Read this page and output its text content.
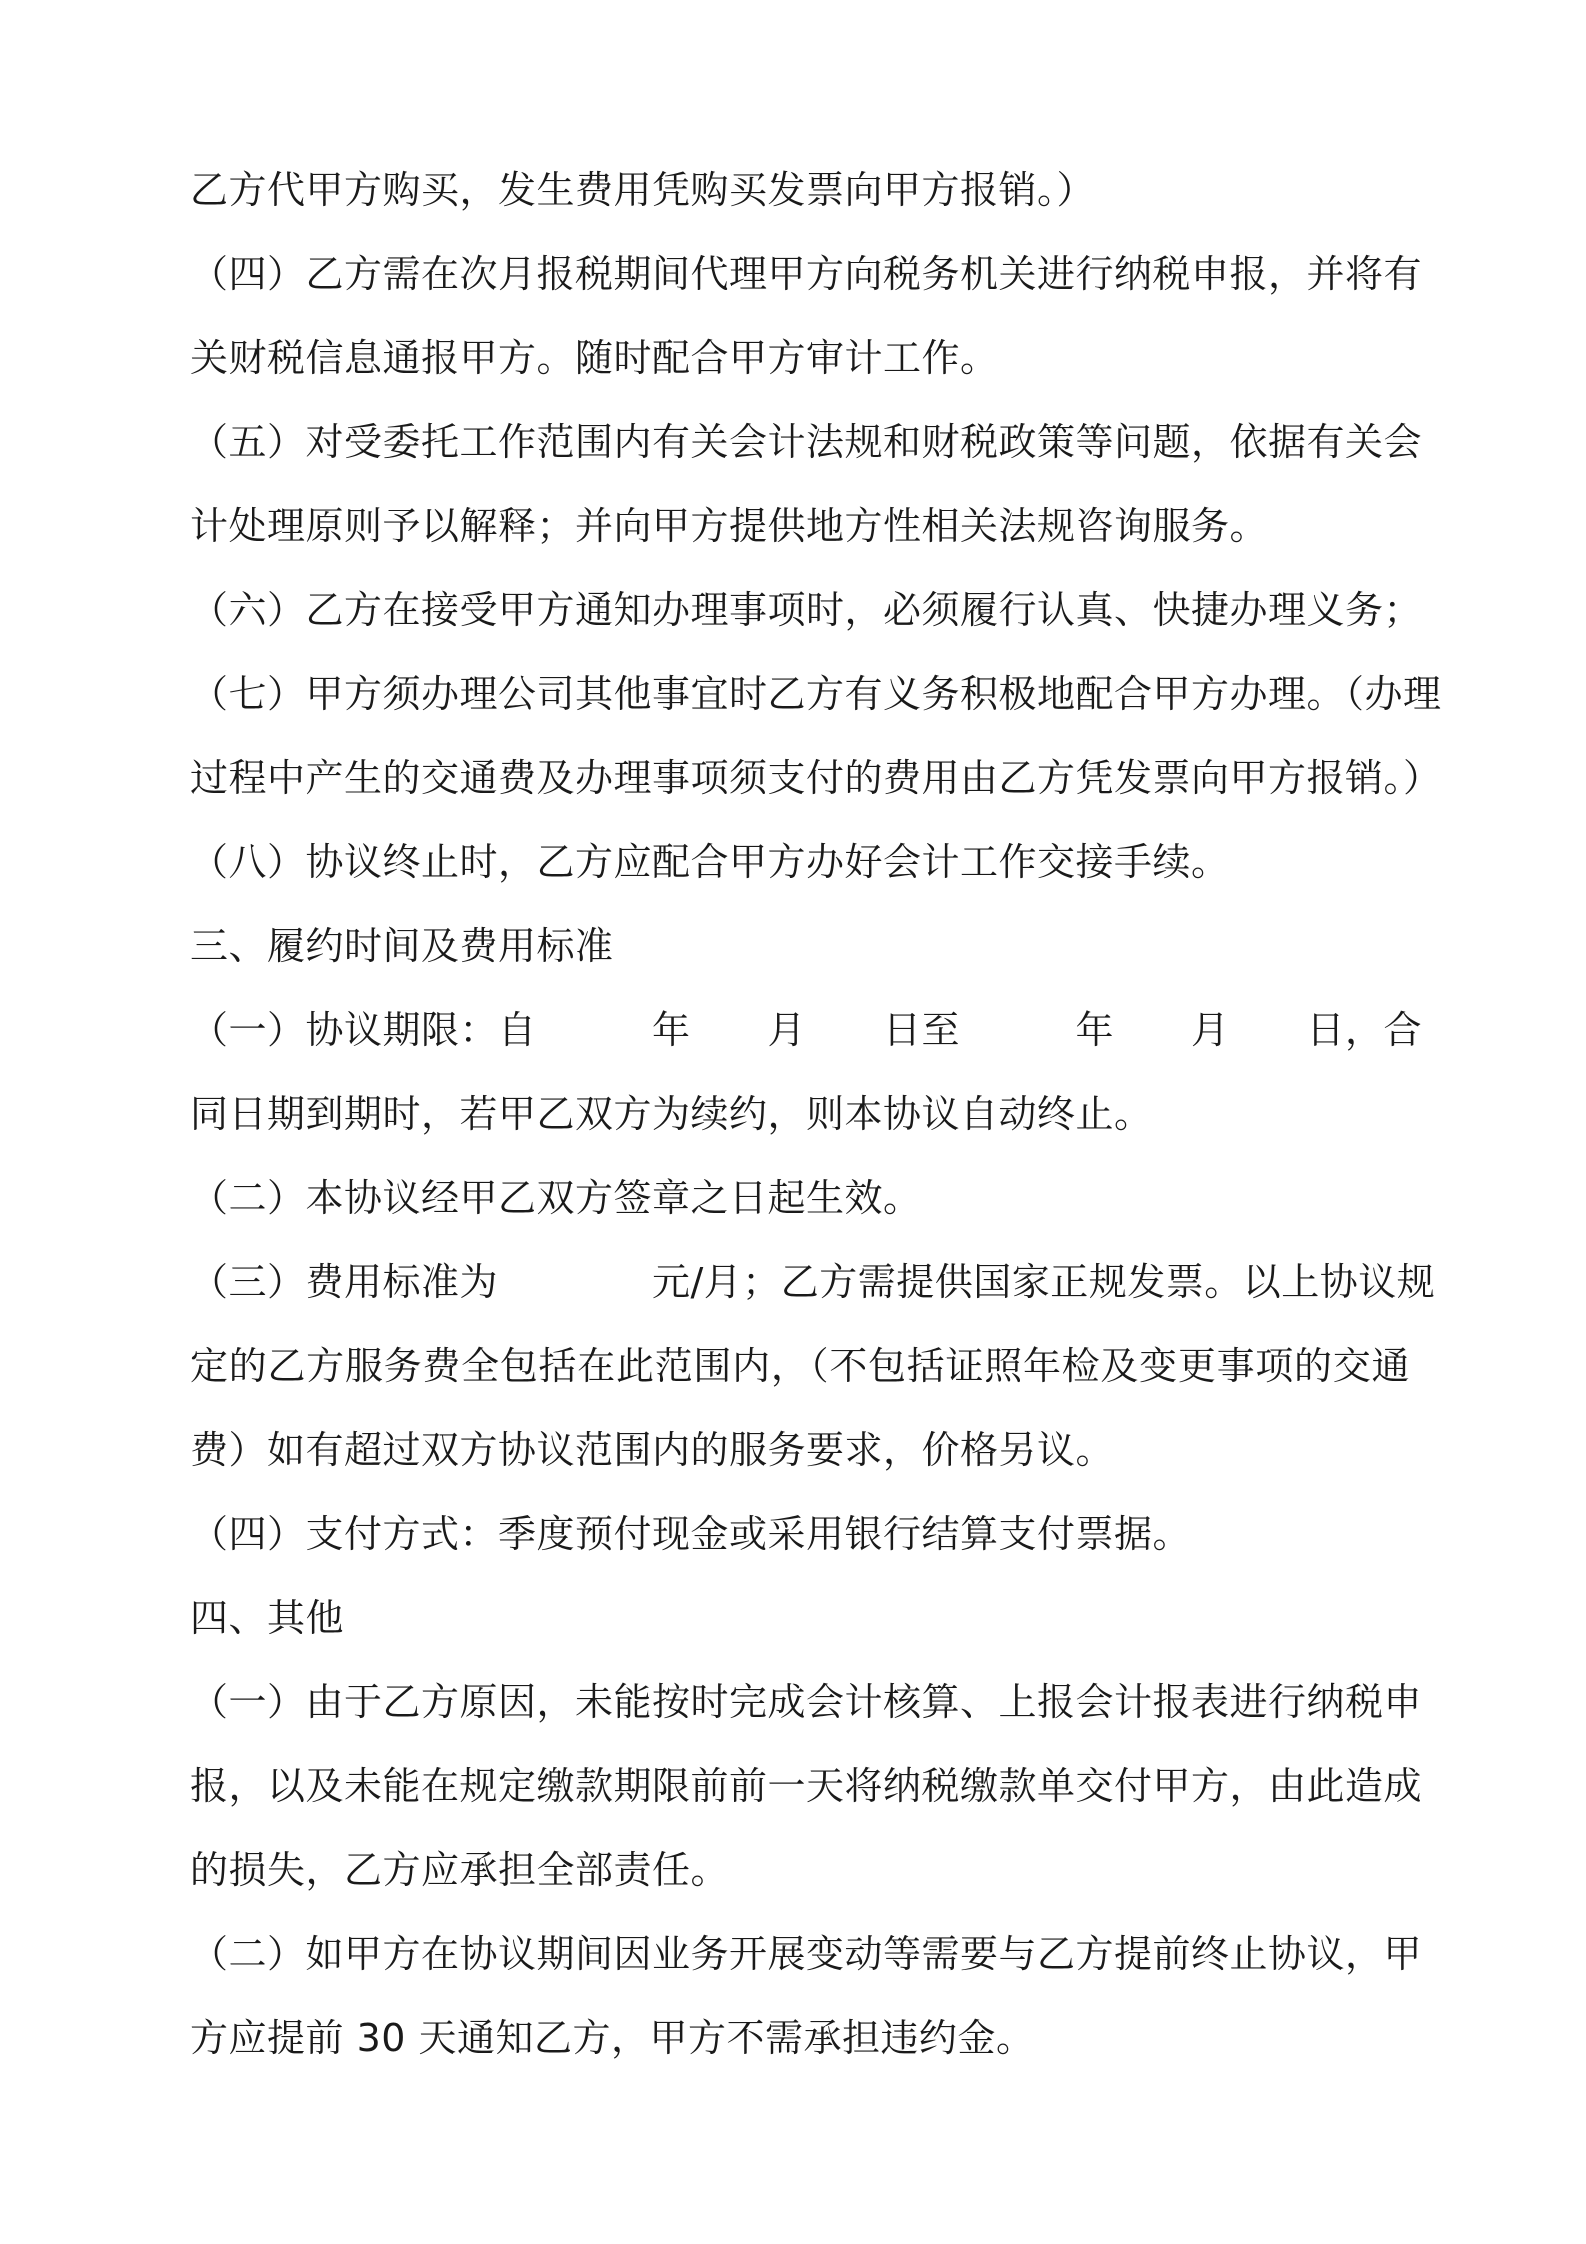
乙方代甲方购买，发生费用凭购买发票向甲方报销。）
（四）乙方需在次月报税期间代理甲方向税务机关进行纳税申报，并将有
关财税信息通报甲方。随时配合甲方审计工作。
（五）对受委托工作范围内有关会计法规和财税政策等问题，依据有关会
计处理原则予以解释；并向甲方提供地方性相关法规咨询服务。
（六）乙方在接受甲方通知办理事项时，必须履行认真、快捷办理义务；
（七）甲方须办理公司其他事宜时乙方有义务积极地配合甲方办理。（办理
过程中产生的交通费及办理事项须支付的费用由乙方凭发票向甲方报销。）
（八）协议终止时，乙方应配合甲方办好会计工作交接手续。
三、履约时间及费用标准
（一）协议期限：自　　　年　　月　　日至　　　年　　月　　日，合
同日期到期时，若甲乙双方为续约，则本协议自动终止。
（二）本协议经甲乙双方签章之日起生效。
（三）费用标准为　　　　元/月；乙方需提供国家正规发票。以上协议规
定的乙方服务费全包括在此范围内，（不包括证照年检及变更事项的交通
费）如有超过双方协议范围内的服务要求，价格另议。
（四）支付方式：季度预付现金或采用银行结算支付票据。
四、其他
（一）由于乙方原因，未能按时完成会计核算、上报会计报表进行纳税申
报，以及未能在规定缴款期限前前一天将纳税缴款单交付甲方，由此造成
的损失，乙方应承担全部责任。
（二）如甲方在协议期间因业务开展变动等需要与乙方提前终止协议，甲
方应提前 30 天通知乙方，甲方不需承担违约金。
